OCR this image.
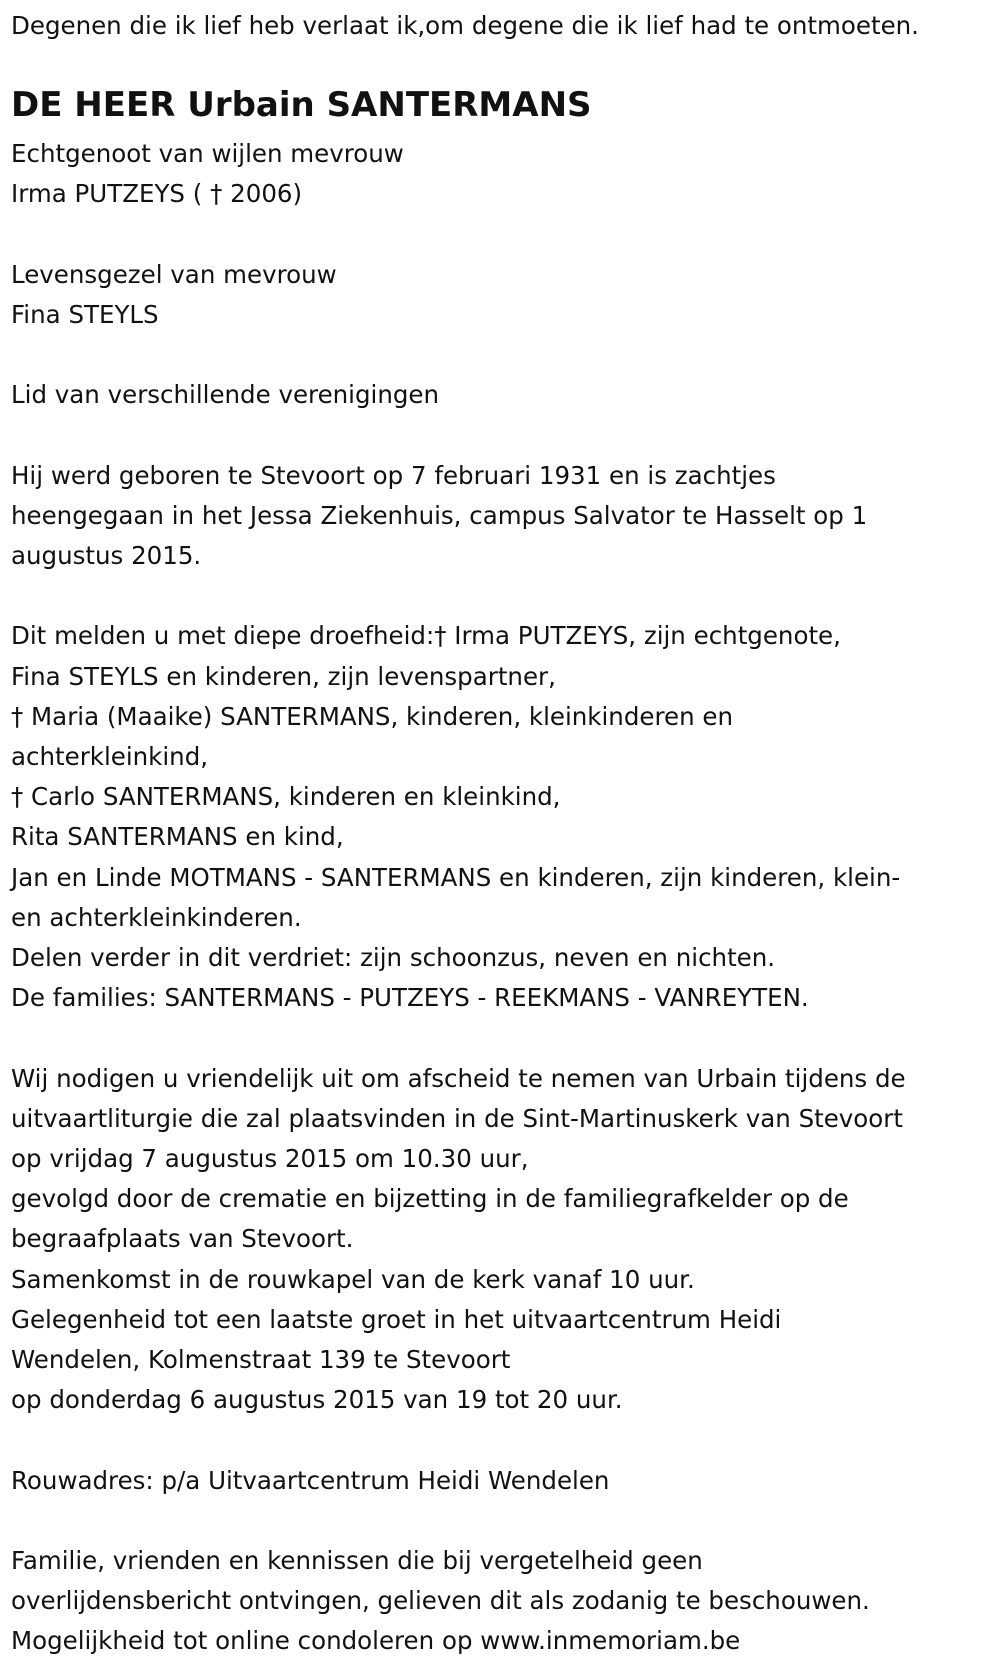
Degenen die ik lief heb verlaat ik,om degene die ik lief had te ontmoeten.

DE HEER Urbain SANTERMANS

Echtgenoot van wijlen mevrouw

Irma PUTZEYS ( † 2006)

Levensgezel van mevrouw

Fina STEYLS

Lid van verschillende verenigingen

Hij werd geboren te Stevoort op 7 februari 1931 en is zachtjes

heengegaan in het Jessa Ziekenhuis, campus Salvator te Hasselt op 1

augustus 2015.

Dit melden u met diepe droefheid:† Irma PUTZEYS, zijn echtgenote,

Fina STEYLS en kinderen, zijn levenspartner,

† Maria (Maaike) SANTERMANS, kinderen, kleinkinderen en

achterkleinkind,

† Carlo SANTERMANS, kinderen en kleinkind,

Rita SANTERMANS en kind,

Jan en Linde MOTMANS - SANTERMANS en kinderen, zijn kinderen, klein-

en achterkleinkinderen.

Delen verder in dit verdriet: zijn schoonzus, neven en nichten.

De families: SANTERMANS - PUTZEYS - REEKMANS - VANREYTEN.

Wij nodigen u vriendelijk uit om afscheid te nemen van Urbain tijdens de

uitvaartliturgie die zal plaatsvinden in de Sint-Martinuskerk van Stevoort

op vrijdag 7 augustus 2015 om 10.30 uur,

gevolgd door de crematie en bijzetting in de familiegrafkelder op de

begraafplaats van Stevoort.

Samenkomst in de rouwkapel van de kerk vanaf 10 uur.

Gelegenheid tot een laatste groet in het uitvaartcentrum Heidi

Wendelen, Kolmenstraat 139 te Stevoort

op donderdag 6 augustus 2015 van 19 tot 20 uur.

Rouwadres: p/a Uitvaartcentrum Heidi Wendelen

Familie, vrienden en kennissen die bij vergetelheid geen

overlijdensbericht ontvingen, gelieven dit als zodanig te beschouwen.

Mogelijkheid tot online condoleren op www.inmemoriam.be
